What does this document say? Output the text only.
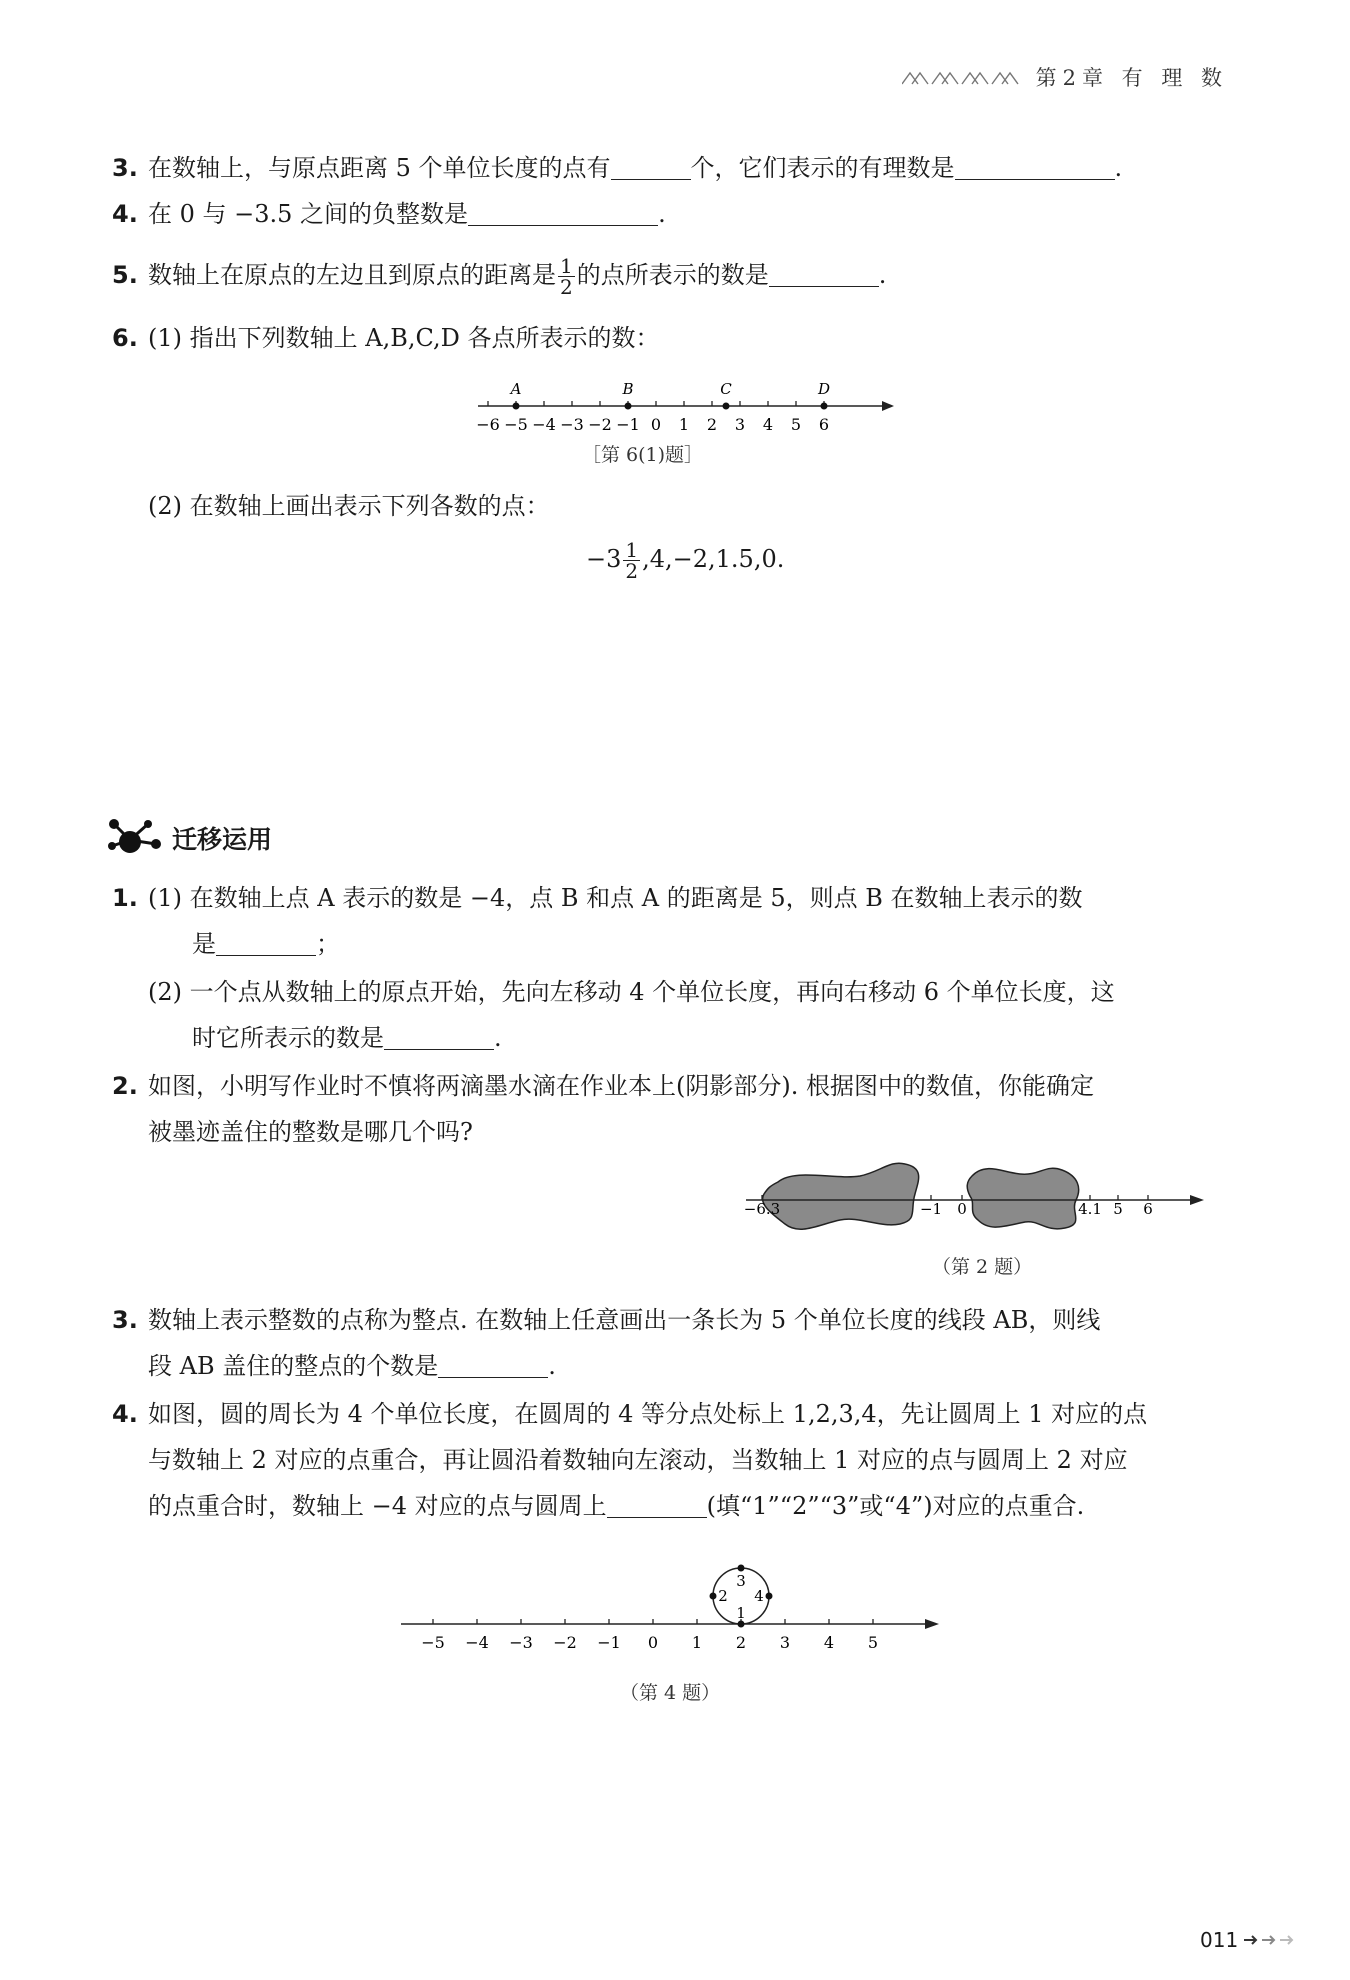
第2章 有 理 数
3. 在数轴上，与原点距离 5 个单位长度的点有	个，它们表示的有理数是	.
4. 在 0 与 −3.5 之间的负整数是	.
5. 数轴上在原点的左边且到原点的距离是 $\frac{1}{2}$ 的点所表示的数是	.
6. (1) 指出下列数轴上 A,B,C,D 各点所表示的数：
−6 −5 −4 −3 −2 −1 0 1 2 3 4 5 6
A	B	C	D
［第 6(1)题］
(2) 在数轴上画出表示下列各数的点：
$-3 \frac{1}{2} ,4,-2,1.5,0$.
迁移运用
1. (1) 在数轴上点 A 表示的数是 −4，点 B 和点 A 的距离是 5，则点 B 在数轴上表示的数
是	；
(2) 一个点从数轴上的原点开始，先向左移动 4 个单位长度，再向右移动 6 个单位长度，这
时它所表示的数是	.
2. 如图，小明写作业时不慎将两滴墨水滴在作业本上(阴影部分). 根据图中的数值，你能确定
被墨迹盖住的整数是哪几个吗?
−6.3	−1 0	4.1 5 6
（第 2 题）
3. 数轴上表示整数的点称为整点. 在数轴上任意画出一条长为 5 个单位长度的线段 AB，则线
段 AB 盖住的整点的个数是	.
4. 如图，圆的周长为 4 个单位长度，在圆周的 4 等分点处标上 1,2,3,4，先让圆周上 1 对应的点
与数轴上 2 对应的点重合，再让圆沿着数轴向左滚动，当数轴上 1 对应的点与圆周上 2 对应
的点重合时，数轴上 −4 对应的点与圆周上	(填“1”“2”“3”或“4”)对应的点重合.
−5 −4 −3 −2 −1 0 1 2 3 4 5
1
2
3
4
（第 4 题）
011
